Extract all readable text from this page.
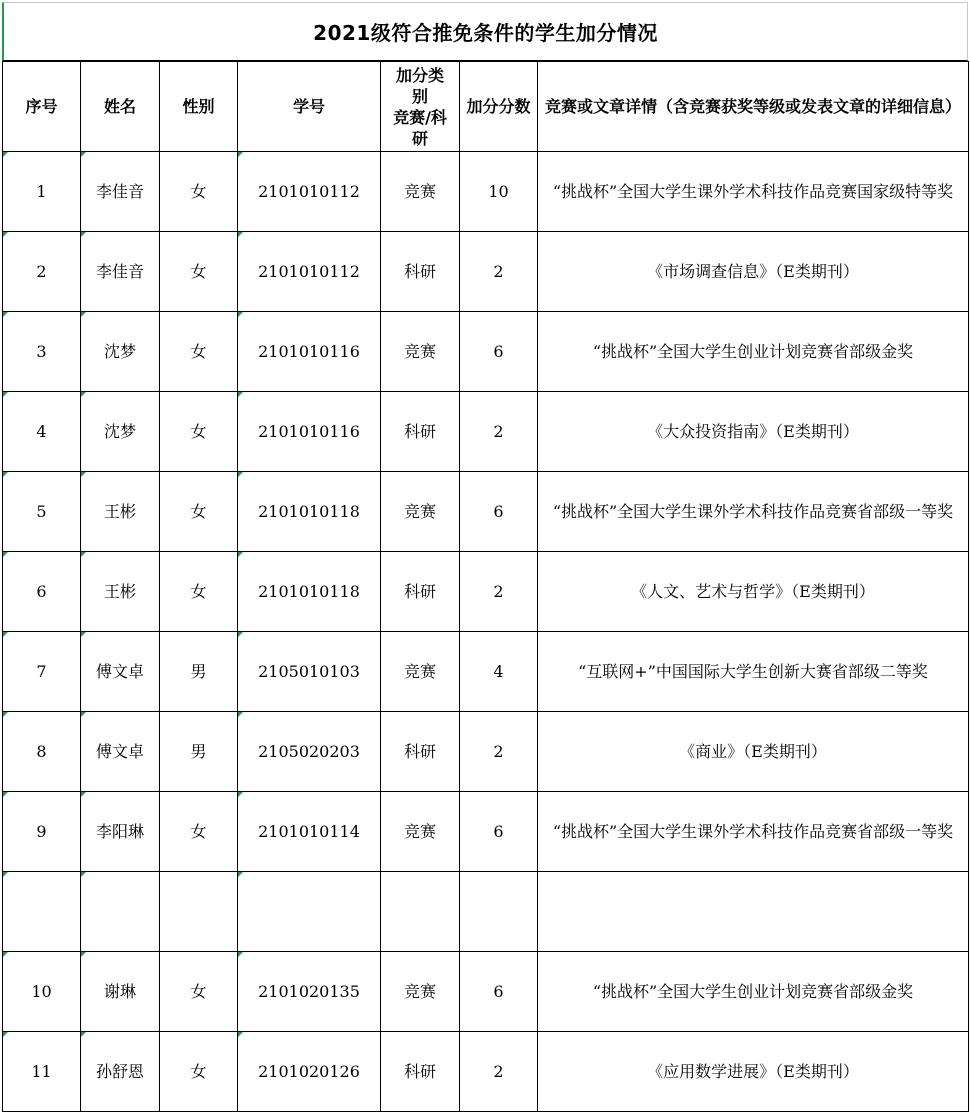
2021级符合推免条件的学生加分情况
序号	姓名	性别	学号	加分类
别
竞赛/科
研	加分分数	竞赛或文章详情（含竞赛获奖等级或发表文章的详细信息）
1	李佳音	女	2101010112	竞赛	10	“挑战杯”全国大学生课外学术科技作品竞赛国家级特等奖
2	李佳音	女	2101010112	科研	2	《市场调查信息》（E类期刊）
3	沈梦	女	2101010116	竞赛	6	“挑战杯”全国大学生创业计划竞赛省部级金奖
4	沈梦	女	2101010116	科研	2	《大众投资指南》（E类期刊）
5	王彬	女	2101010118	竞赛	6	“挑战杯”全国大学生课外学术科技作品竞赛省部级一等奖
6	王彬	女	2101010118	科研	2	《人文、艺术与哲学》（E类期刊）
7	傅文卓	男	2105010103	竞赛	4	“互联网+”中国国际大学生创新大赛省部级二等奖
8	傅文卓	男	2105020203	科研	2	《商业》（E类期刊）
9	李阳琳	女	2101010114	竞赛	6	“挑战杯”全国大学生课外学术科技作品竞赛省部级一等奖

10	谢琳	女	2101020135	竞赛	6	“挑战杯”全国大学生创业计划竞赛省部级金奖
11	孙舒恩	女	2101020126	科研	2	《应用数学进展》（E类期刊）
